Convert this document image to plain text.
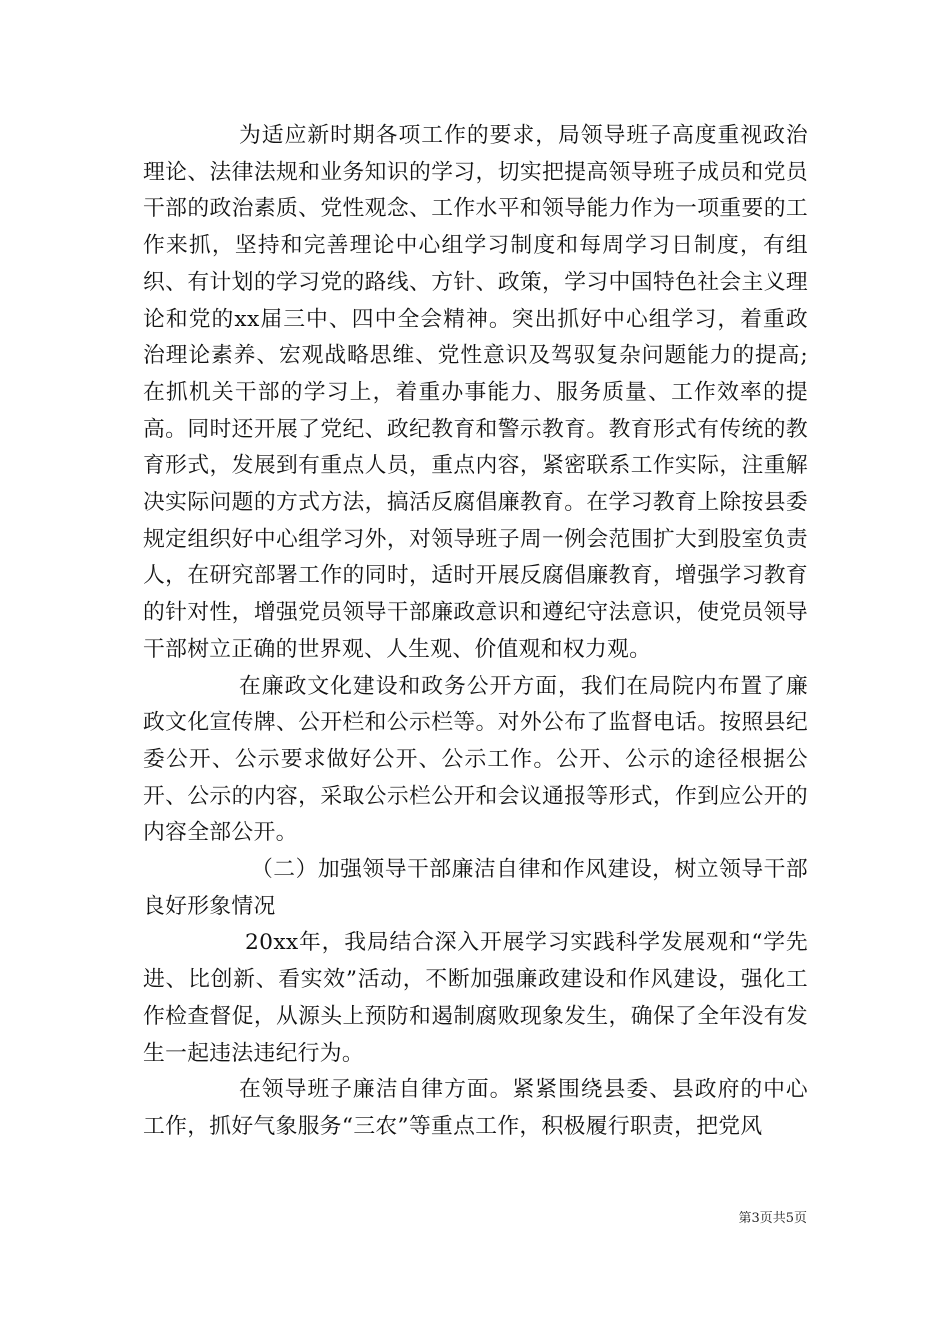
为适应新时期各项工作的要求，局领导班子高度重视政治理论、法律法规和业务知识的学习，切实把提高领导班子成员和党员干部的政治素质、党性观念、工作水平和领导能力作为一项重要的工作来抓，坚持和完善理论中心组学习制度和每周学习日制度，有组织、有计划的学习党的路线、方针、政策，学习中国特色社会主义理论和党的xx届三中、四中全会精神。突出抓好中心组学习，着重政治理论素养、宏观战略思维、党性意识及驾驭复杂问题能力的提高;在抓机关干部的学习上，着重办事能力、服务质量、工作效率的提高。同时还开展了党纪、政纪教育和警示教育。教育形式有传统的教育形式，发展到有重点人员，重点内容，紧密联系工作实际，注重解决实际问题的方式方法，搞活反腐倡廉教育。在学习教育上除按县委规定组织好中心组学习外，对领导班子周一例会范围扩大到股室负责人，在研究部署工作的同时，适时开展反腐倡廉教育，增强学习教育的针对性，增强党员领导干部廉政意识和遵纪守法意识，使党员领导干部树立正确的世界观、人生观、价值观和权力观。

在廉政文化建设和政务公开方面，我们在局院内布置了廉政文化宣传牌、公开栏和公示栏等。对外公布了监督电话。按照县纪委公开、公示要求做好公开、公示工作。公开、公示的途径根据公开、公示的内容，采取公示栏公开和会议通报等形式，作到应公开的内容全部公开。

（二）加强领导干部廉洁自律和作风建设，树立领导干部良好形象情况

20xx年，我局结合深入开展学习实践科学发展观和“学先进、比创新、看实效”活动，不断加强廉政建设和作风建设，强化工作检查督促，从源头上预防和遏制腐败现象发生，确保了全年没有发生一起违法违纪行为。

在领导班子廉洁自律方面。紧紧围绕县委、县政府的中心工作，抓好气象服务“三农”等重点工作，积极履行职责，把党风

第3页共5页
